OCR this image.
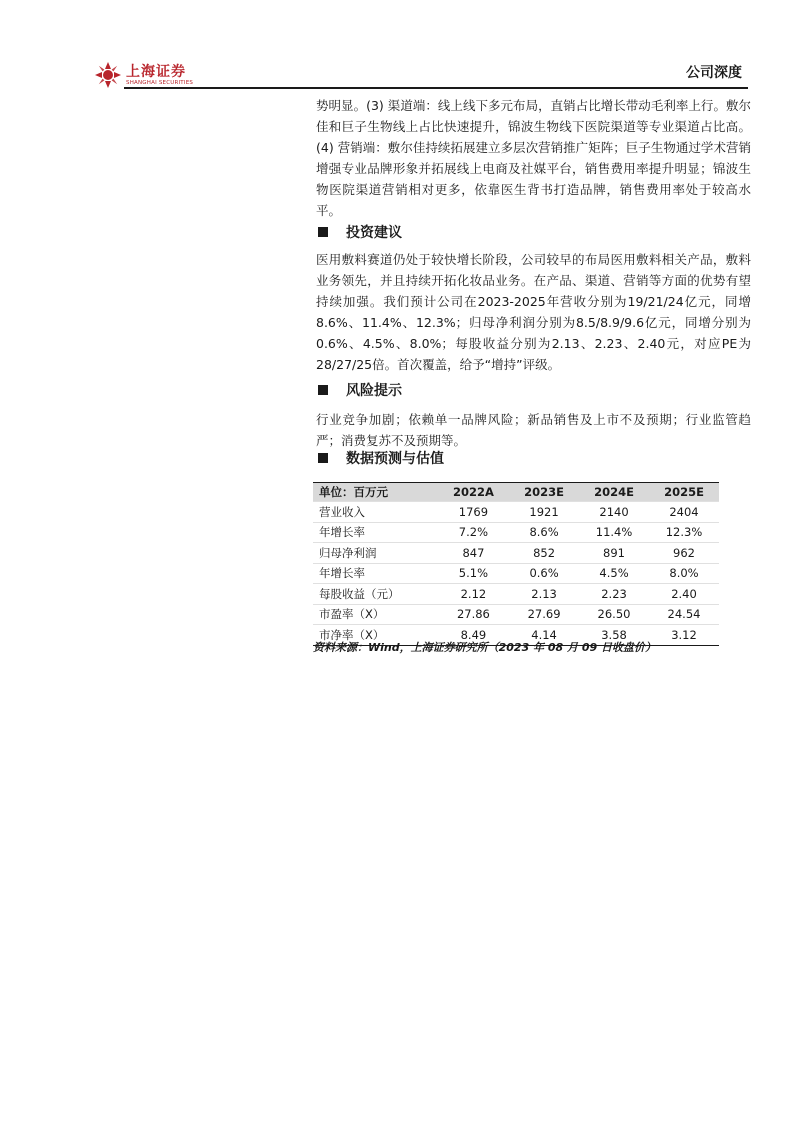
上海证券
SHANGHAI SECURITIES
公司深度

势明显。(3) 渠道端：线上线下多元布局，直销占比增长带动毛利率上行。敷尔佳和巨子生物线上占比快速提升，锦波生物线下医院渠道等专业渠道占比高。(4) 营销端：敷尔佳持续拓展建立多层次营销推广矩阵；巨子生物通过学术营销增强专业品牌形象并拓展线上电商及社媒平台，销售费用率提升明显；锦波生物医院渠道营销相对更多，依靠医生背书打造品牌，销售费用率处于较高水平。

投资建议

医用敷料赛道仍处于较快增长阶段，公司较早的布局医用敷料相关产品，敷料业务领先，并且持续开拓化妆品业务。在产品、渠道、营销等方面的优势有望持续加强。我们预计公司在2023-2025年营收分别为19/21/24亿元，同增8.6%、11.4%、12.3%；归母净利润分别为8.5/8.9/9.6亿元，同增分别为0.6%、4.5%、8.0%；每股收益分别为2.13、2.23、2.40元，对应PE为28/27/25倍。首次覆盖，给予“增持”评级。

风险提示

行业竞争加剧；依赖单一品牌风险；新品销售及上市不及预期；行业监管趋严；消费复苏不及预期等。

数据预测与估值
单位：百万元	2022A	2023E	2024E	2025E
营业收入	1769	1921	2140	2404
年增长率	7.2%	8.6%	11.4%	12.3%
归母净利润	847	852	891	962
年增长率	5.1%	0.6%	4.5%	8.0%
每股收益（元）	2.12	2.13	2.23	2.40
市盈率（X）	27.86	27.69	26.50	24.54
市净率（X）	8.49	4.14	3.58	3.12
资料来源：Wind，上海证券研究所（2023 年 08 月 09 日收盘价）
